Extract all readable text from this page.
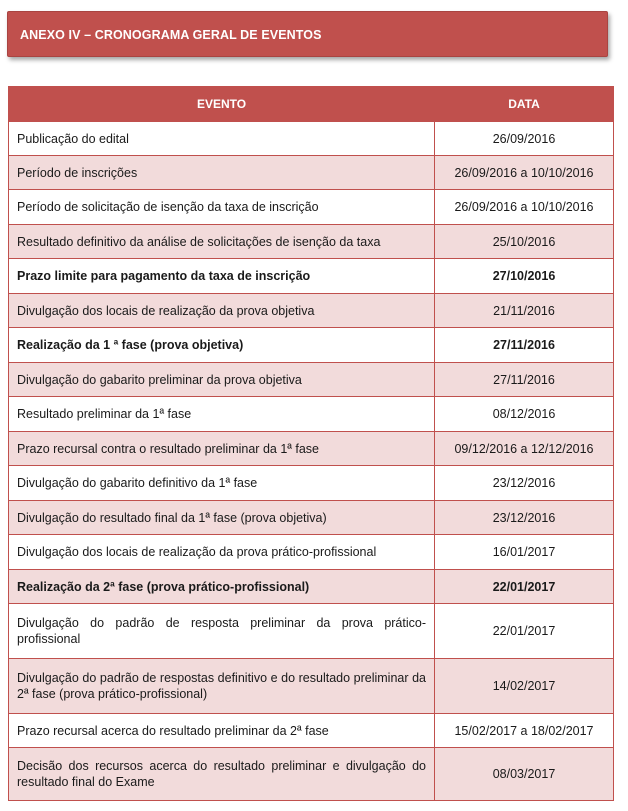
ANEXO IV – CRONOGRAMA GERAL DE EVENTOS
EVENTO	DATA
Publicação do edital	26/09/2016
Período de inscrições	26/09/2016 a 10/10/2016
Período de solicitação de isenção da taxa de inscrição	26/09/2016 a 10/10/2016
Resultado definitivo da análise de solicitações de isenção da taxa	25/10/2016
Prazo limite para pagamento da taxa de inscrição	27/10/2016
Divulgação dos locais de realização da prova objetiva	21/11/2016
Realização da 1 ª fase (prova objetiva)	27/11/2016
Divulgação do gabarito preliminar da prova objetiva	27/11/2016
Resultado preliminar da 1ª fase	08/12/2016
Prazo recursal contra o resultado preliminar da 1ª fase	09/12/2016 a 12/12/2016
Divulgação do gabarito definitivo da 1ª fase	23/12/2016
Divulgação do resultado final da 1ª fase (prova objetiva)	23/12/2016
Divulgação dos locais de realização da prova prático-profissional	16/01/2017
Realização da 2ª fase (prova prático-profissional)	22/01/2017
Divulgação do padrão de resposta preliminar da prova prático-profissional	22/01/2017
Divulgação do padrão de respostas definitivo e do resultado preliminar da 2ª fase (prova prático-profissional)	14/02/2017
Prazo recursal acerca do resultado preliminar da 2ª fase	15/02/2017 a 18/02/2017
Decisão dos recursos acerca do resultado preliminar e divulgação do resultado final do Exame	08/03/2017
